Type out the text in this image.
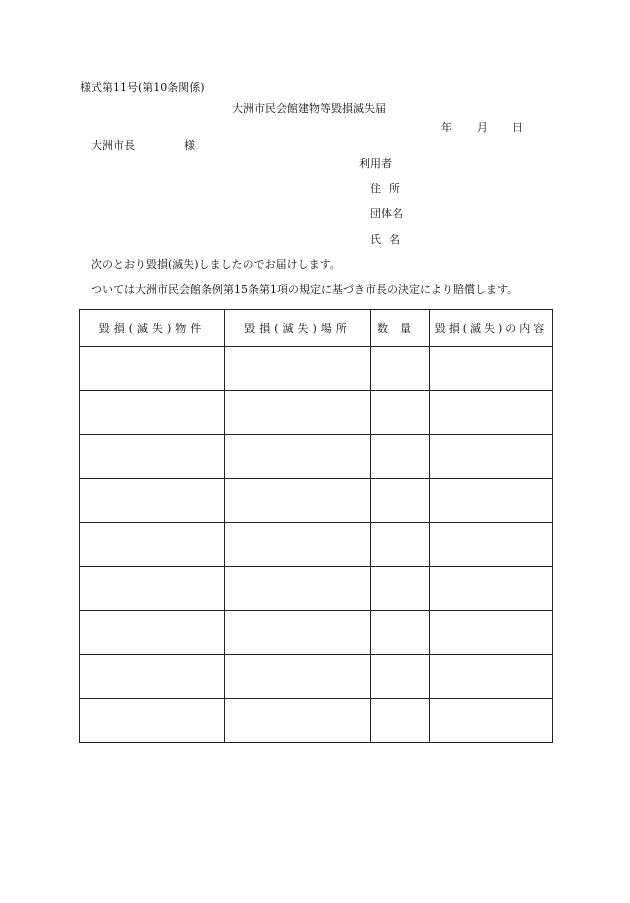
様式第11号(第10条関係)
大洲市民会館建物等毀損滅失届
年 月 日
大洲市長	様
利用者
住所
団体名
氏名
次のとおり毀損(滅失)しましたのでお届けします。
ついては大洲市民会館条例第15条第1項の規定に基づき市長の決定により賠償します。
毀損(滅失)物件	毀損(滅失)場所	数量	毀損(滅失)の内容
